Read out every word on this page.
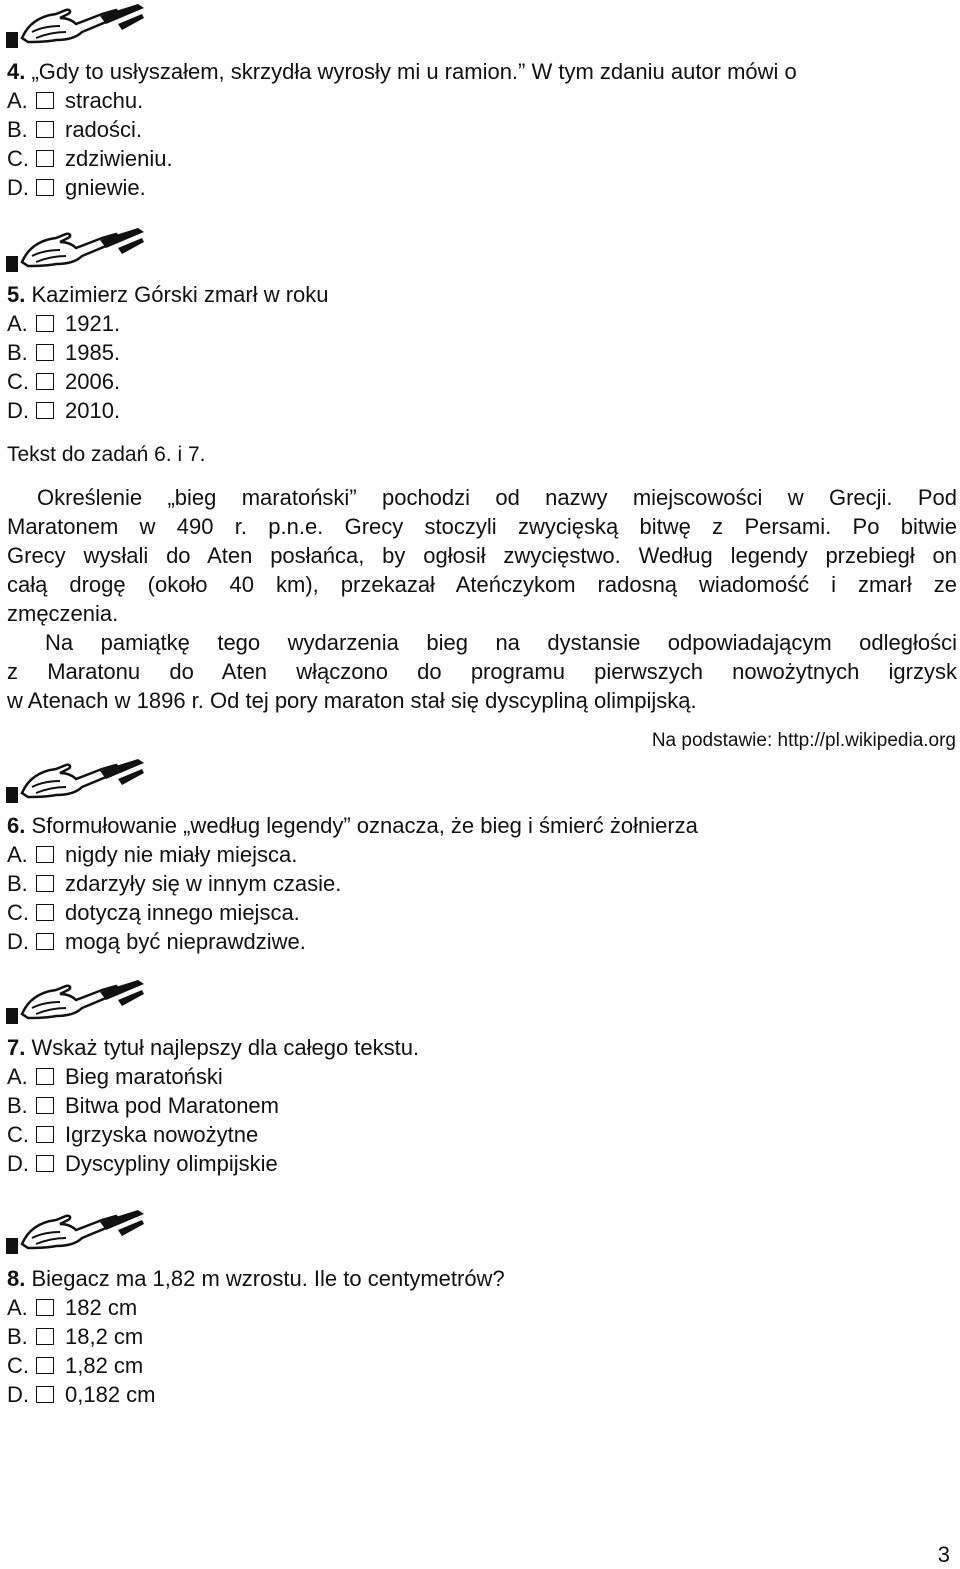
4. „Gdy to usłyszałem, skrzydła wyrosły mi u ramion.” W tym zdaniu autor mówi o
A.	strachu.
B.	radości.
C.	zdziwieniu.
D.	gniewie.
5. Kazimierz Górski zmarł w roku
A.	1921.
B.	1985.
C.	2006.
D.	2010.
Tekst do zadań 6. i 7.
Określenie „bieg maratoński” pochodzi od nazwy miejscowości w Grecji. Pod
Maratonem w 490 r. p.n.e. Grecy stoczyli zwycięską bitwę z Persami. Po bitwie
Grecy wysłali do Aten posłańca, by ogłosił zwycięstwo. Według legendy przebiegł on
całą drogę (około 40 km), przekazał Ateńczykom radosną wiadomość i zmarł ze
zmęczenia.
Na pamiątkę tego wydarzenia bieg na dystansie odpowiadającym odległości
z Maratonu do Aten włączono do programu pierwszych nowożytnych igrzysk
w Atenach w 1896 r. Od tej pory maraton stał się dyscypliną olimpijską.
Na podstawie: http://pl.wikipedia.org
6. Sformułowanie „według legendy” oznacza, że bieg i śmierć żołnierza
A.	nigdy nie miały miejsca.
B.	zdarzyły się w innym czasie.
C.	dotyczą innego miejsca.
D.	mogą być nieprawdziwe.
7. Wskaż tytuł najlepszy dla całego tekstu.
A.	Bieg maratoński
B.	Bitwa pod Maratonem
C.	Igrzyska nowożytne
D.	Dyscypliny olimpijskie
8. Biegacz ma 1,82 m wzrostu. Ile to centymetrów?
A.	182 cm
B.	18,2 cm
C.	1,82 cm
D.	0,182 cm
3
